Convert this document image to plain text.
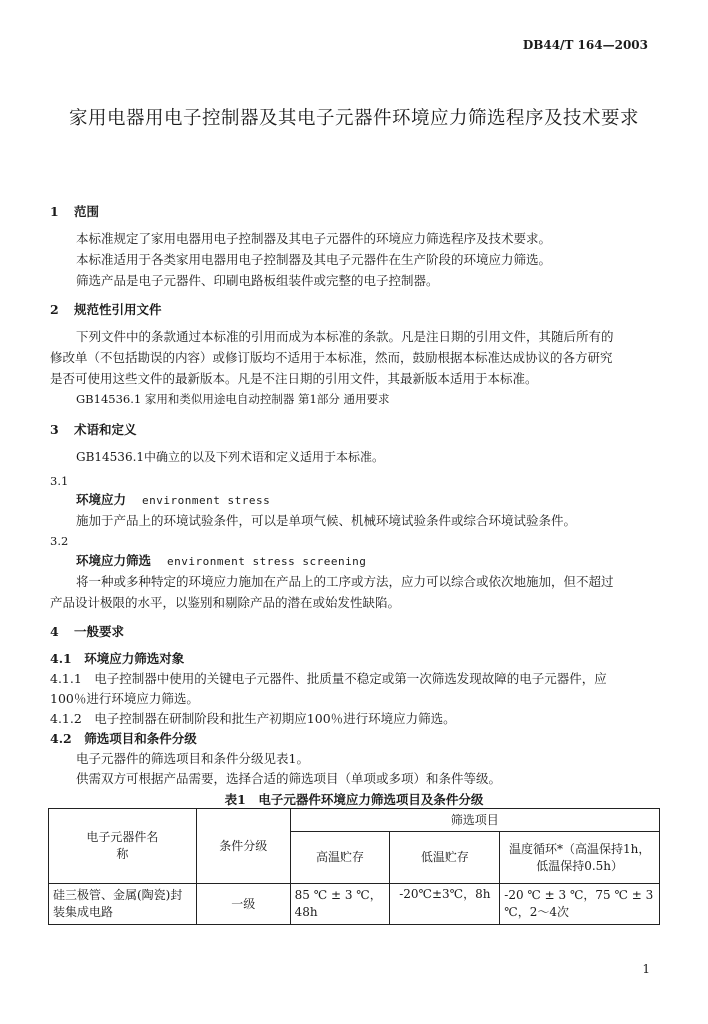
DB44/T 164—2003
家用电器用电子控制器及其电子元器件环境应力筛选程序及技术要求
1 范围
本标准规定了家用电器用电子控制器及其电子元器件的环境应力筛选程序及技术要求。
本标准适用于各类家用电器用电子控制器及其电子元器件在生产阶段的环境应力筛选。
筛选产品是电子元器件、印刷电路板组装件或完整的电子控制器。
2 规范性引用文件
下列文件中的条款通过本标准的引用而成为本标准的条款。凡是注日期的引用文件，其随后所有的
修改单（不包括勘误的内容）或修订版均不适用于本标准，然而，鼓励根据本标准达成协议的各方研究
是否可使用这些文件的最新版本。凡是不注日期的引用文件，其最新版本适用于本标准。
GB14536.1 家用和类似用途电自动控制器 第1部分 通用要求
3 术语和定义
GB14536.1中确立的以及下列术语和定义适用于本标准。
3.1
环境应力 environment stress
施加于产品上的环境试验条件，可以是单项气候、机械环境试验条件或综合环境试验条件。
3.2
环境应力筛选 environment stress screening
将一种或多种特定的环境应力施加在产品上的工序或方法，应力可以综合或依次地施加，但不超过
产品设计极限的水平，以鉴别和剔除产品的潜在或始发性缺陷。
4 一般要求
4.1　环境应力筛选对象
4.1.1　电子控制器中使用的关键电子元器件、批质量不稳定或第一次筛选发现故障的电子元器件，应
100％进行环境应力筛选。
4.1.2　电子控制器在研制阶段和批生产初期应100％进行环境应力筛选。
4.2　筛选项目和条件分级
电子元器件的筛选项目和条件分级见表1。
供需双方可根据产品需要，选择合适的筛选项目（单项或多项）和条件等级。
表1　电子元器件环境应力筛选项目及条件分级
电子元器件名称	条件分级	筛选项目		
		高温贮存	低温贮存	温度循环*（高温保持1h，低温保持0.5h）
硅三极管、金属(陶瓷)封装集成电路	一级	85 ℃ ± 3 ℃，48h	-20℃±3℃，8h	-20 ℃ ± 3 ℃，75 ℃ ± 3 ℃，2～4次
1
